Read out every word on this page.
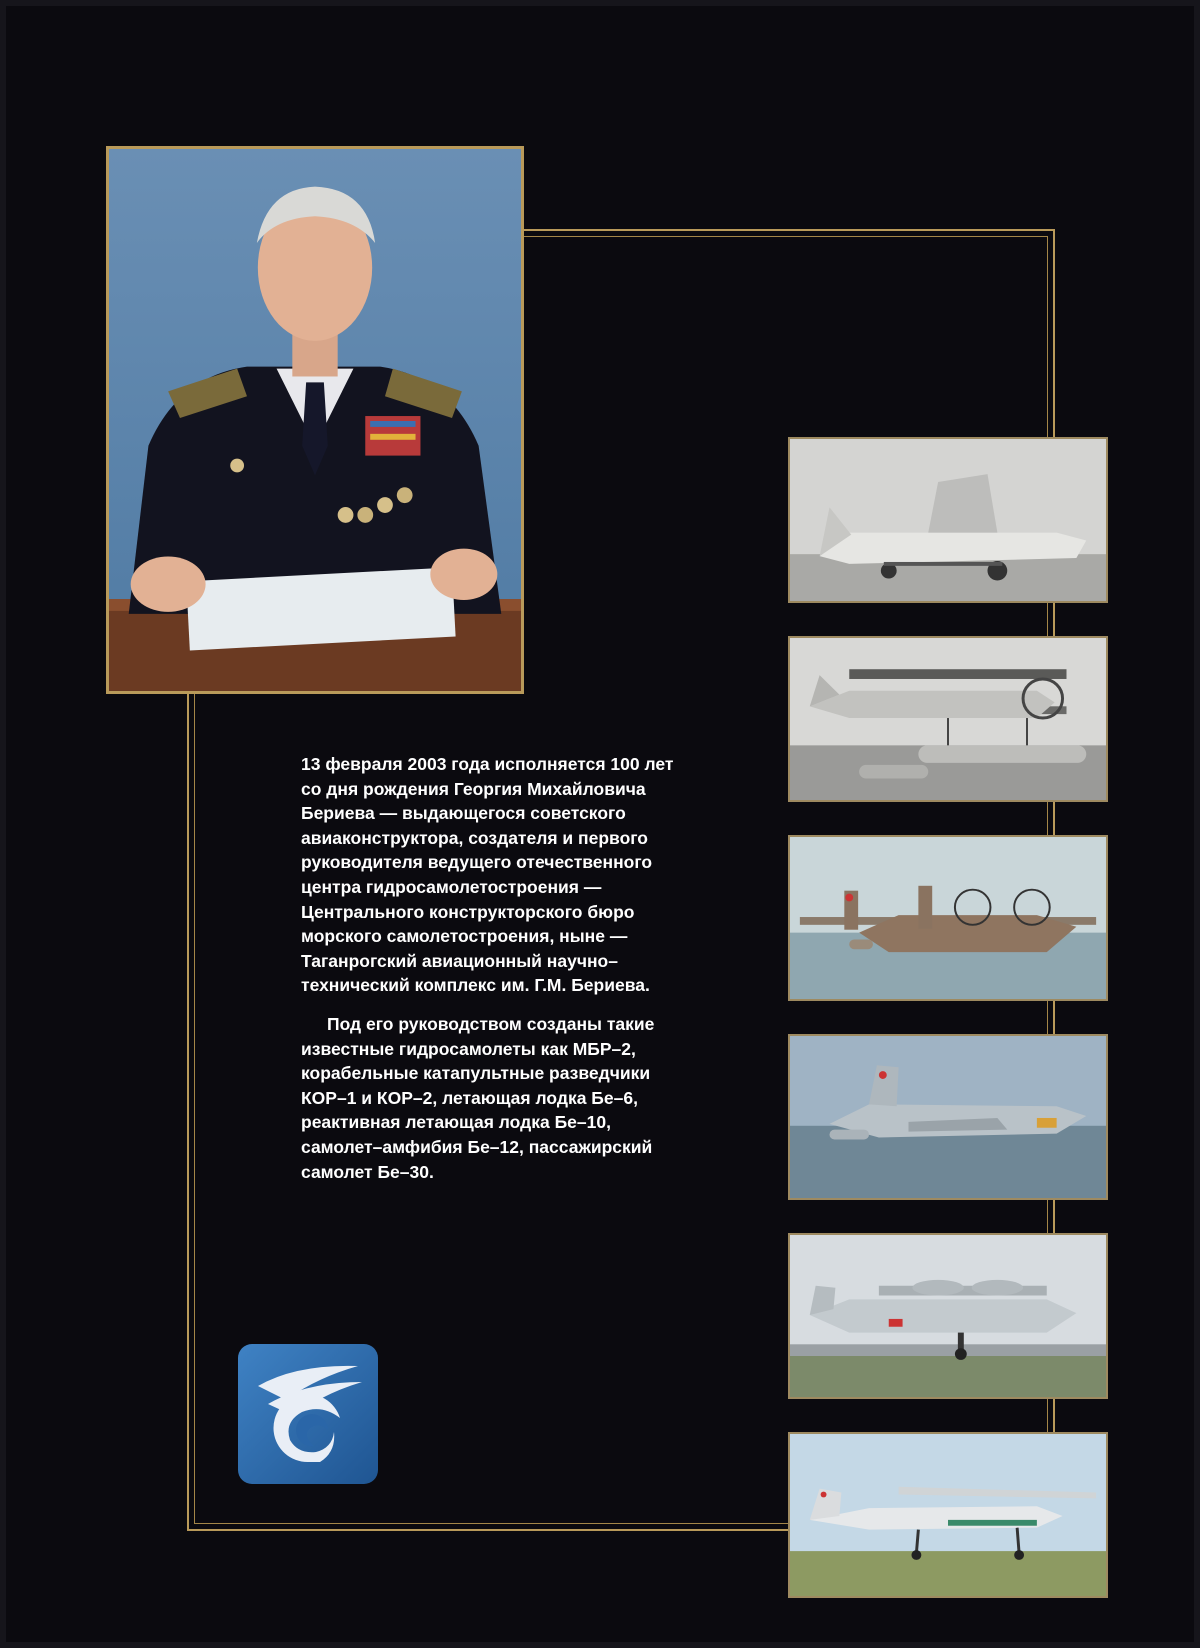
13 февраля 2003 года исполняется 100 лет
со дня рождения Георгия Михайловича
Бериева — выдающегося советского
авиаконструктора, создателя и первого
руководителя ведущего отечественного
центра гидросамолетостроения —
Центрального конструкторского бюро
морского самолетостроения, ныне —
Таганрогский авиационный научно–
технический комплекс им. Г.М. Бериева.

Под его руководством созданы такие
известные гидросамолеты как МБР–2,
корабельные катапультные разведчики
КОР–1 и КОР–2, летающая лодка Бе–6,
реактивная летающая лодка Бе–10,
самолет–амфибия Бе–12, пассажирский
самолет Бе–30.
